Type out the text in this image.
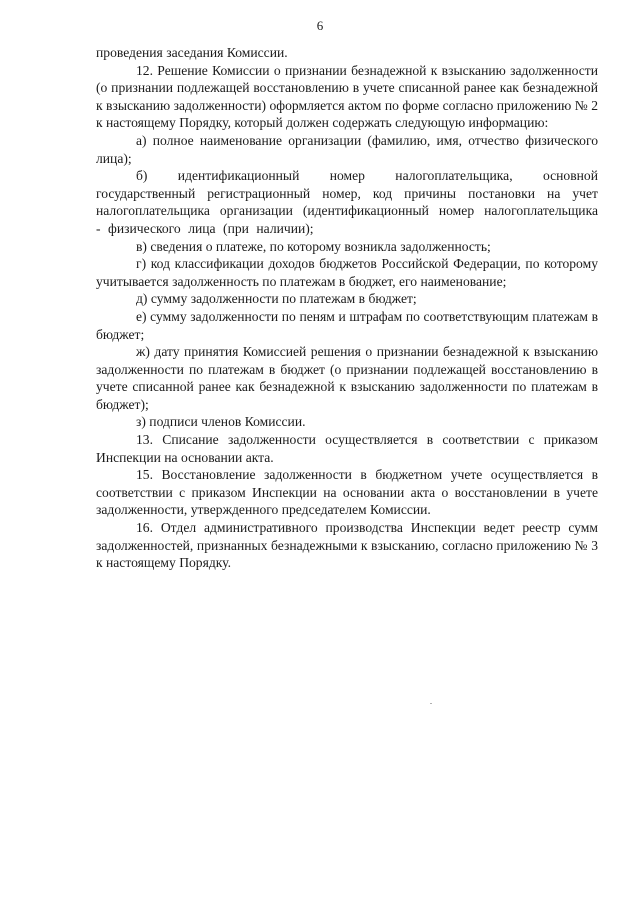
6

проведения заседания Комиссии.

12. Решение Комиссии о признании безнадежной к взысканию задолженности (о признании подлежащей восстановлению в учете списанной ранее как безнадежной к взысканию задолженности) оформляется актом по форме согласно приложению № 2 к настоящему Порядку, который должен содержать следующую информацию:

а) полное наименование организации (фамилию, имя, отчество физического лица);

б) идентификационный номер налогоплательщика, основной государственный регистрационный номер, код причины постановки на учет налогоплательщика организации (идентификационный номер налогоплательщика - физического лица (при наличии);

в) сведения о платеже, по которому возникла задолженность;

г) код классификации доходов бюджетов Российской Федерации, по которому учитывается задолженность по платежам в бюджет, его наименование;

д) сумму задолженности по платежам в бюджет;

е) сумму задолженности по пеням и штрафам по соответствующим платежам в бюджет;

ж) дату принятия Комиссией решения о признании безнадежной к взысканию задолженности по платежам в бюджет (о признании подлежащей восстановлению в учете списанной ранее как безнадежной к взысканию задолженности по платежам в бюджет);

з) подписи членов Комиссии.

13. Списание задолженности осуществляется в соответствии с приказом Инспекции на основании акта.

15. Восстановление задолженности в бюджетном учете осуществляется в соответствии с приказом Инспекции на основании акта о восстановлении в учете задолженности, утвержденного председателем Комиссии.

16. Отдел административного производства Инспекции ведет реестр сумм задолженностей, признанных безнадежными к взысканию, согласно приложению № 3 к настоящему Порядку.
